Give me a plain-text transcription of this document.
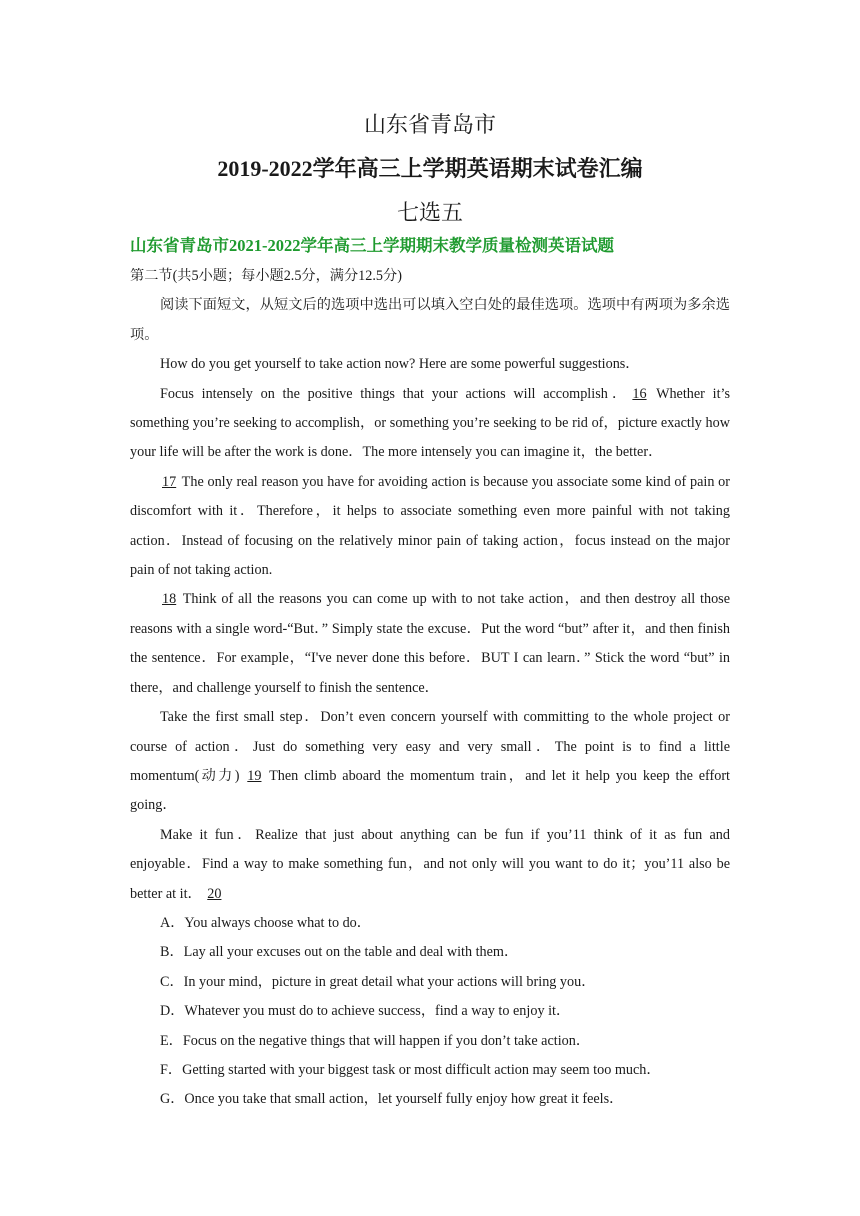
山东省青岛市
2019-2022学年高三上学期英语期末试卷汇编
七选五
山东省青岛市2021-2022学年高三上学期期末教学质量检测英语试题

第二节(共5小题；每小题2.5分，满分12.5分)

阅读下面短文，从短文后的选项中选出可以填入空白处的最佳选项。选项中有两项为多余选项。

How do you get yourself to take action now? Here are some powerful suggestions．

Focus intensely on the positive things that your actions will accomplish． 16 Whether it’s something you’re seeking to accomplish，or something you’re seeking to be rid of，picture exactly how your life will be after the work is done．The more intensely you can imagine it，the better．

17 The only real reason you have for avoiding action is because you associate some kind of pain or discomfort with it．Therefore，it helps to associate something even more painful with not taking action．Instead of focusing on the relatively minor pain of taking action，focus instead on the major pain of not taking action.

18 Think of all the reasons you can come up with to not take action，and then destroy all those reasons with a single word-“But．” Simply state the excuse．Put the word “but” after it，and then finish the sentence．For example，“I've never done this before．BUT I can learn．” Stick the word “but” in there，and challenge yourself to finish the sentence．

Take the first small step．Don’t even concern yourself with committing to the whole project or course of action．Just do something very easy and very small．The point is to find a little momentum(动力) 19 Then climb aboard the momentum train，and let it help you keep the effort going．

Make it fun．Realize that just about anything can be fun if you’11 think of it as fun and enjoyable．Find a way to make something fun，and not only will you want to do it；you’11 also be better at it． 20

A．You always choose what to do．

B．Lay all your excuses out on the table and deal with them．

C．In your mind，picture in great detail what your actions will bring you．

D．Whatever you must do to achieve success，find a way to enjoy it．

E．Focus on the negative things that will happen if you don’t take action．

F．Getting started with your biggest task or most difficult action may seem too much．

G．Once you take that small action，let yourself fully enjoy how great it feels．
